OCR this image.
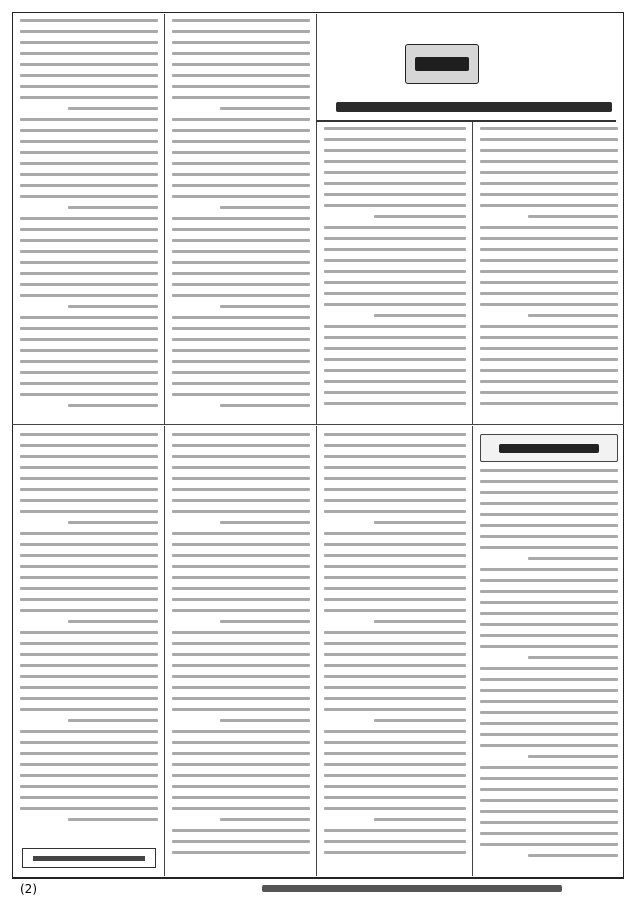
(2)
